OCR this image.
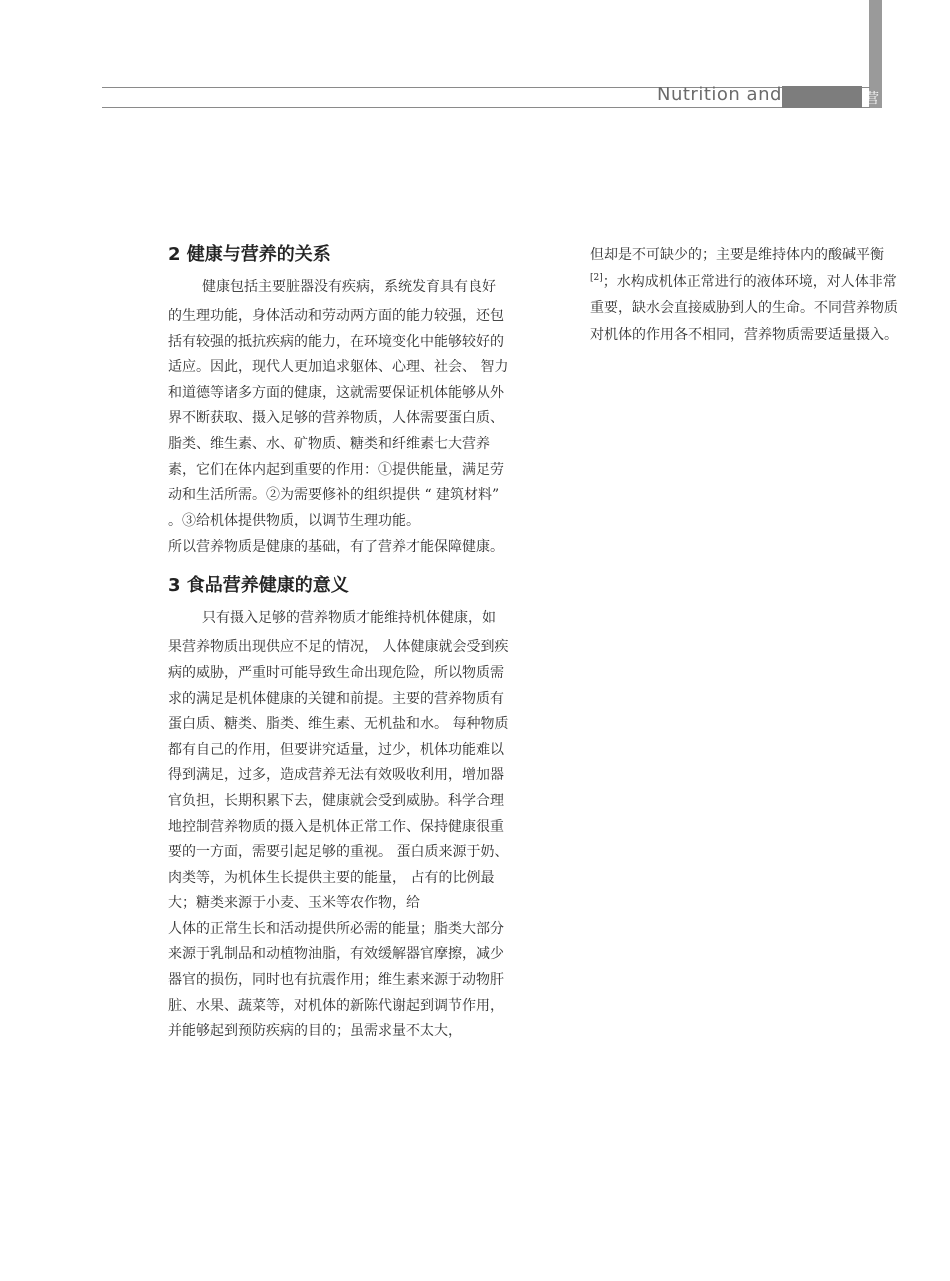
Nutrition and	营
2 健康与营养的关系

健康包括主要脏器没有疾病，系统发育具有良好

的生理功能，身体活动和劳动两方面的能力较强，还包括有较强的抵抗疾病的能力，在环境变化中能够较好的适应。因此，现代人更加追求躯体、心理、社会、 智力和道德等诸多方面的健康，这就需要保证机体能够从外界不断获取、摄入足够的营养物质，人体需要蛋白质、脂类、维生素、水、矿物质、糖类和纤维素七大营养素，它们在体内起到重要的作用：①提供能量，满足劳动和生活所需。②为需要修补的组织提供 “ 建筑材料” 。③给机体提供物质，以调节生理功能。

所以营养物质是健康的基础，有了营养才能保障健康。

3 食品营养健康的意义

只有摄入足够的营养物质才能维持机体健康，如

果营养物质出现供应不足的情况， 人体健康就会受到疾病的威胁，严重时可能导致生命出现危险，所以物质需求的满足是机体健康的关键和前提。主要的营养物质有蛋白质、糖类、脂类、维生素、无机盐和水。 每种物质都有自己的作用，但要讲究适量，过少，机体功能难以得到满足，过多，造成营养无法有效吸收利用，增加器官负担，长期积累下去，健康就会受到威胁。科学合理地控制营养物质的摄入是机体正常工作、保持健康很重要的一方面，需要引起足够的重视。 蛋白质来源于奶、肉类等，为机体生长提供主要的能量， 占有的比例最大；糖类来源于小麦、玉米等农作物，给

人体的正常生长和活动提供所必需的能量；脂类大部分 来源于乳制品和动植物油脂，有效缓解器官摩擦，减少

器官的损伤，同时也有抗震作用；维生素来源于动物肝 脏、水果、蔬菜等，对机体的新陈代谢起到调节作用，

并能够起到预防疾病的目的；虽需求量不太大，

但却是不可缺少的；主要是维持体内的酸碱平衡[2]；水构成机体正常进行的液体环境，对人体非常重要，缺水会直接威胁到人的生命。不同营养物质对机体的作用各不相同，营养物质需要适量摄入。
